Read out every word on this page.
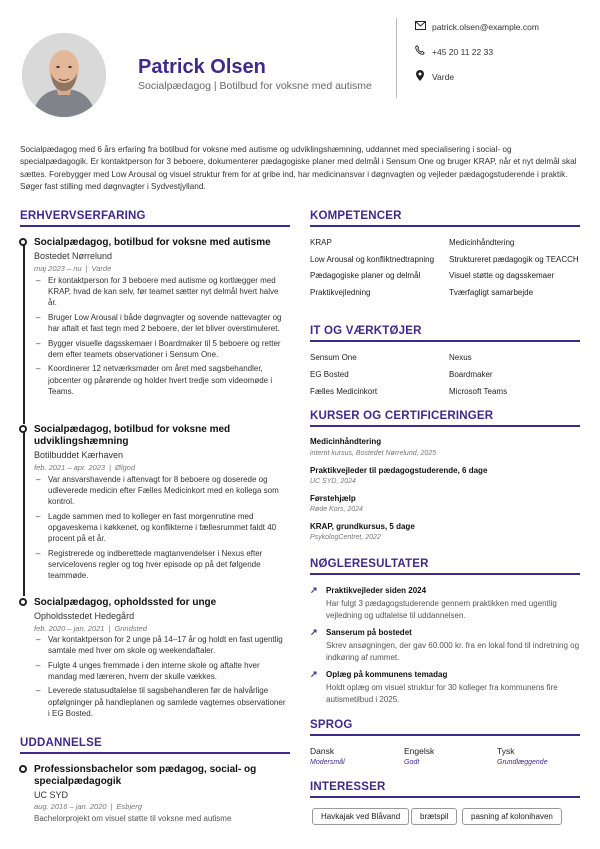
Patrick Olsen
Socialpædagog | Botilbud for voksne med autisme
patrick.olsen@example.com
+45 20 11 22 33
Varde
Socialpædagog med 6 års erfaring fra botilbud for voksne med autisme og udviklingshæmning, uddannet med specialisering i social- og specialpædagogik. Er kontaktperson for 3 beboere, dokumenterer pædagogiske planer med delmål i Sensum One og bruger KRAP, når et nyt delmål skal sættes. Forebygger med Low Arousal og visuel struktur frem for at gribe ind, har medicinansvar i døgnvagten og vejleder pædagogstuderende i praktik. Søger fast stilling med døgnvagter i Sydvestjylland.
ERHVERVSERFARING
Socialpædagog, botilbud for voksne med autisme
Bostedet Nørrelund
maj 2023 – nu | Varde
– Er kontaktperson for 3 beboere med autisme og kortlægger med KRAP, hvad de kan selv, før teamet sætter nyt delmål hvert halve år.
– Bruger Low Arousal i både døgnvagter og sovende nattevagter og har aftalt et fast tegn med 2 beboere, der let bliver overstimuleret.
– Bygger visuelle dagsskemaer i Boardmaker til 5 beboere og retter dem efter teamets observationer i Sensum One.
– Koordinerer 12 netværksmøder om året med sagsbehandler, jobcenter og pårørende og holder hvert tredje som videomøde i Teams.
Socialpædagog, botilbud for voksne med udviklingshæmning
Botilbuddet Kærhaven
feb. 2021 – apr. 2023 | Ølgod
– Var ansvarshavende i aftenvagt for 8 beboere og doserede og udleverede medicin efter Fælles Medicinkort med en kollega som kontrol.
– Lagde sammen med to kolleger en fast morgenrutine med opgaveskema i køkkenet, og konflikterne i fællesrummet faldt 40 procent på et år.
– Registrerede og indberettede magtanvendelser i Nexus efter servicelovens regler og tog hver episode op på det følgende teammøde.
Socialpædagog, opholdssted for unge
Opholdsstedet Hedegård
feb. 2020 – jan. 2021 | Grindsted
– Var kontaktperson for 2 unge på 14–17 år og holdt en fast ugentlig samtale med hver om skole og weekendaftaler.
– Fulgte 4 unges fremmøde i den interne skole og aftalte hver mandag med læreren, hvem der skulle vækkes.
– Leverede statusudtalelse til sagsbehandleren før de halvårlige opfølgninger på handleplanen og samlede vagternes observationer i EG Bosted.
UDDANNELSE
Professionsbachelor som pædagog, social- og specialpædagogik
UC SYD
aug. 2016 – jan. 2020 | Esbjerg
Bachelorprojekt om visuel støtte til voksne med autisme
KOMPETENCER
KRAP	Medicinhåndtering
Low Arousal og konfliktnedtrapning	Struktureret pædagogik og TEACCH
Pædagogiske planer og delmål	Visuel støtte og dagsskemaer
Praktikvejledning	Tværfagligt samarbejde
IT OG VÆRKTØJER
Sensum One	Nexus
EG Bosted	Boardmaker
Fælles Medicinkort	Microsoft Teams
KURSER OG CERTIFICERINGER
Medicinhåndtering
internt kursus, Bostedet Nørrelund, 2025
Praktikvejleder til pædagogstuderende, 6 dage
UC SYD, 2024
Førstehjælp
Røde Kors, 2024
KRAP, grundkursus, 5 dage
PsykologCentret, 2022
NØGLERESULTATER
↗ Praktikvejleder siden 2024
Har fulgt 3 pædagogstuderende gennem praktikken med ugentlig vejledning og udtalelse til uddannelsen.
↗ Sanserum på bostedet
Skrev ansøgningen, der gav 60.000 kr. fra en lokal fond til indretning og indkøring af rummet.
↗ Oplæg på kommunens temadag
Holdt oplæg om visuel struktur for 30 kolleger fra kommunens fire autismetilbud i 2025.
SPROG
Dansk
Modersmål
Engelsk
Godt
Tysk
Grundlæggende
INTERESSER
Havkajak ved Blåvand	brætspil	pasning af kolonihaven
